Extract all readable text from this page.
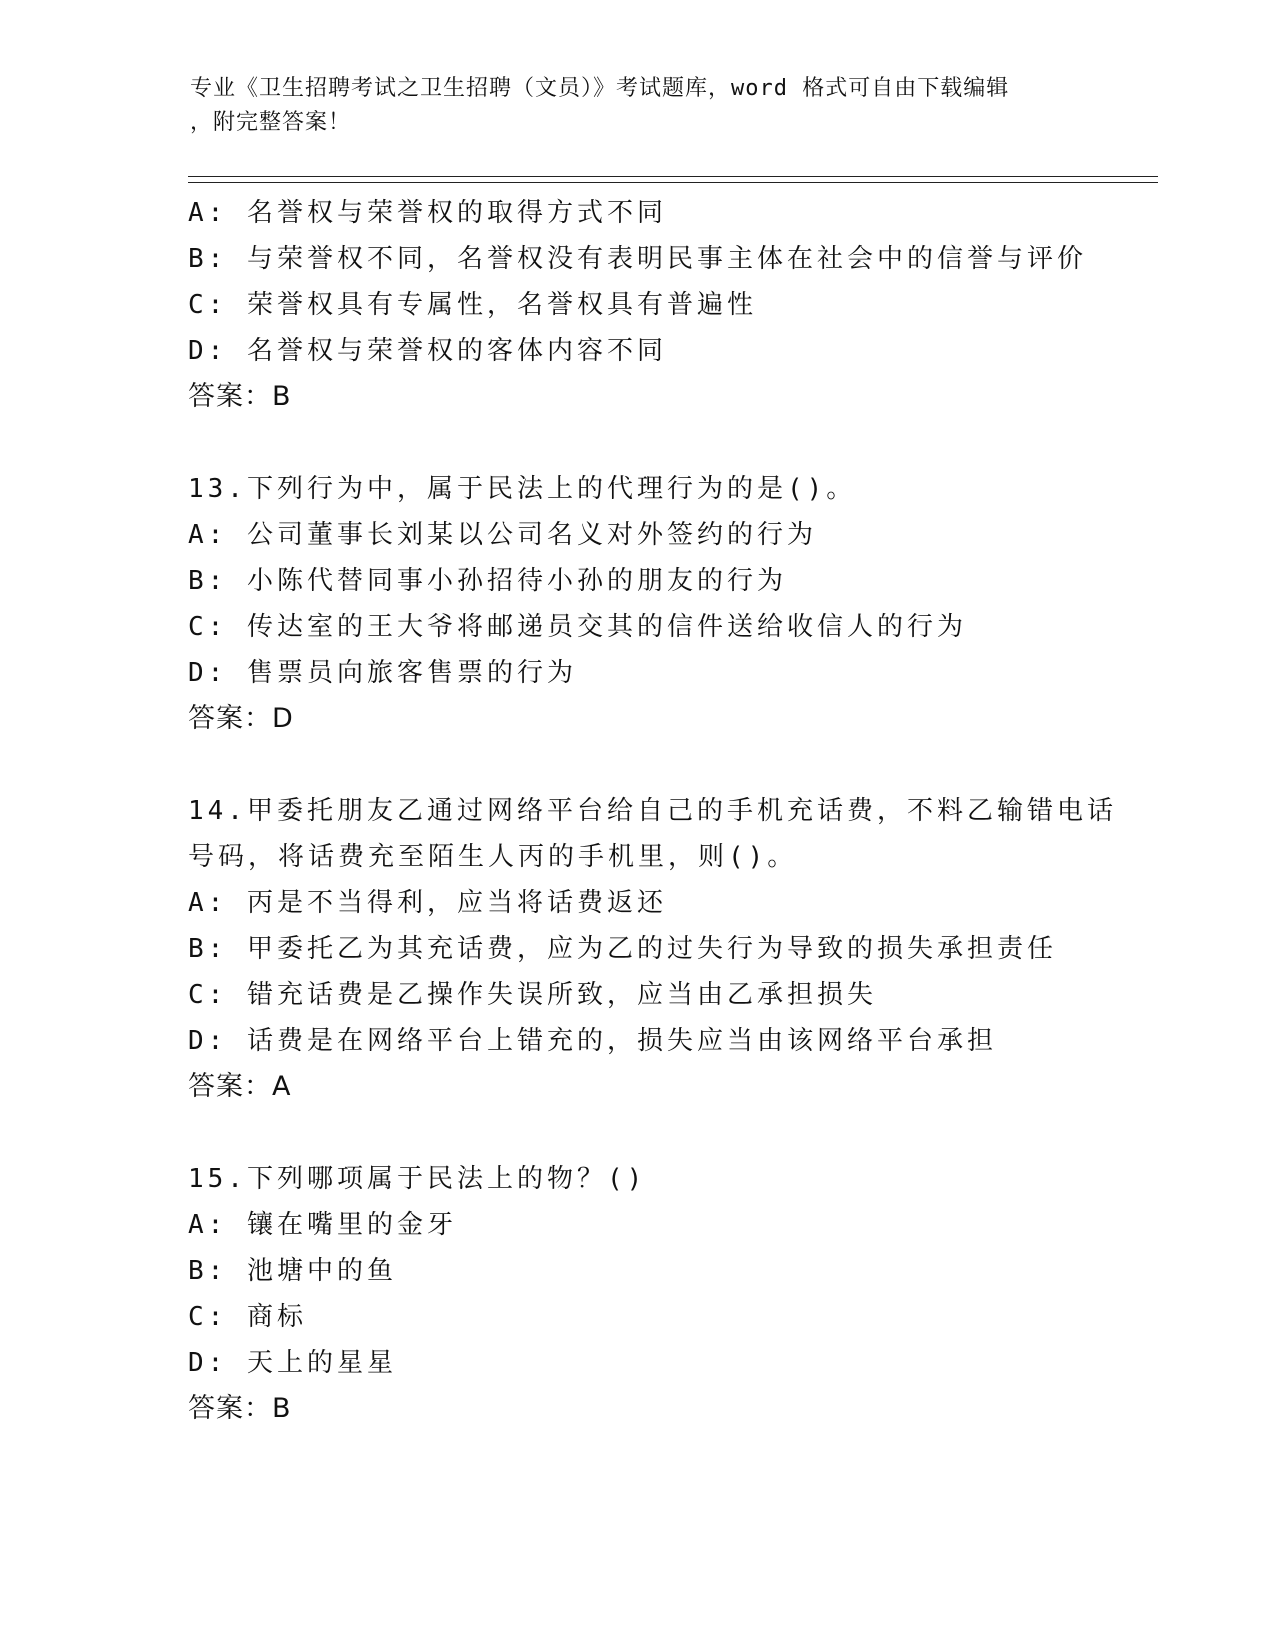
专业《卫生招聘考试之卫生招聘（文员）》考试题库，word 格式可自由下载编辑
，附完整答案！
A: 名誉权与荣誉权的取得方式不同
B: 与荣誉权不同，名誉权没有表明民事主体在社会中的信誉与评价
C: 荣誉权具有专属性，名誉权具有普遍性
D: 名誉权与荣誉权的客体内容不同
答案：B
13.下列行为中，属于民法上的代理行为的是()。
A: 公司董事长刘某以公司名义对外签约的行为
B: 小陈代替同事小孙招待小孙的朋友的行为
C: 传达室的王大爷将邮递员交其的信件送给收信人的行为
D: 售票员向旅客售票的行为
答案：D
14.甲委托朋友乙通过网络平台给自己的手机充话费，不料乙输错电话
号码，将话费充至陌生人丙的手机里，则()。
A: 丙是不当得利，应当将话费返还
B: 甲委托乙为其充话费，应为乙的过失行为导致的损失承担责任
C: 错充话费是乙操作失误所致，应当由乙承担损失
D: 话费是在网络平台上错充的，损失应当由该网络平台承担
答案：A
15.下列哪项属于民法上的物？()
A: 镶在嘴里的金牙
B: 池塘中的鱼
C: 商标
D: 天上的星星
答案：B
